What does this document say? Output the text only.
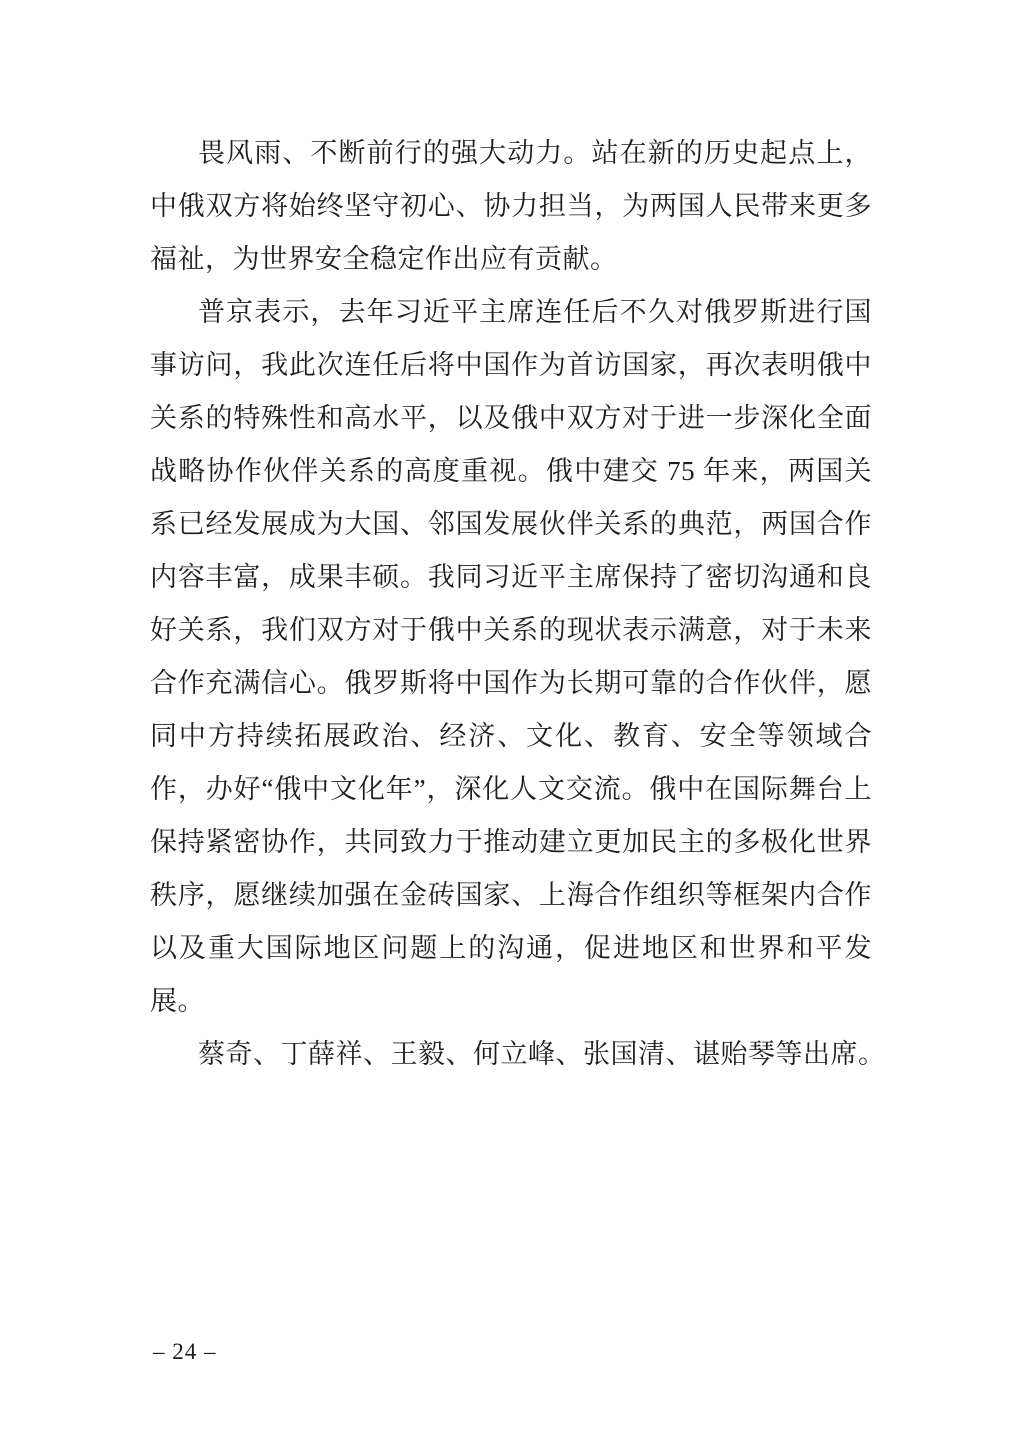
畏风雨、不断前行的强大动力。站在新的历史起点上，中俄双方将始终坚守初心、协力担当，为两国人民带来更多福祉，为世界安全稳定作出应有贡献。

普京表示，去年习近平主席连任后不久对俄罗斯进行国事访问，我此次连任后将中国作为首访国家，再次表明俄中关系的特殊性和高水平，以及俄中双方对于进一步深化全面战略协作伙伴关系的高度重视。俄中建交 75 年来，两国关系已经发展成为大国、邻国发展伙伴关系的典范，两国合作内容丰富，成果丰硕。我同习近平主席保持了密切沟通和良好关系，我们双方对于俄中关系的现状表示满意，对于未来合作充满信心。俄罗斯将中国作为长期可靠的合作伙伴，愿同中方持续拓展政治、经济、文化、教育、安全等领域合作，办好“俄中文化年”，深化人文交流。俄中在国际舞台上保持紧密协作，共同致力于推动建立更加民主的多极化世界秩序，愿继续加强在金砖国家、上海合作组织等框架内合作以及重大国际地区问题上的沟通，促进地区和世界和平发展。

蔡奇、丁薛祥、王毅、何立峰、张国清、谌贻琴等出席。

– 24 –
